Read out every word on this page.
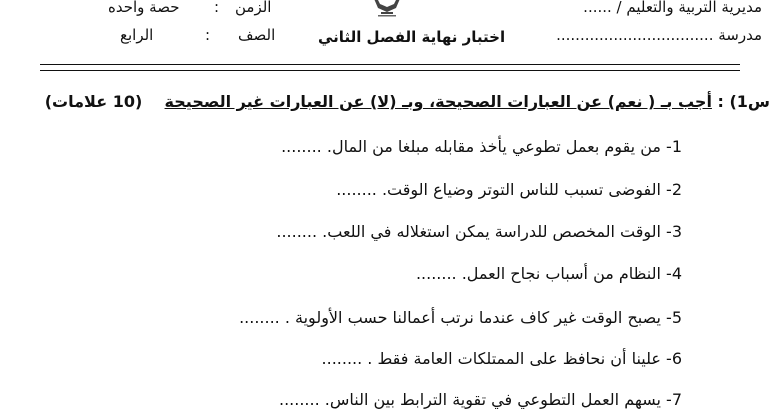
مديرية التربية والتعليم / ......
مدرسة .................................
اختبار نهاية الفصل الثاني
الزمن
:
حصة واحده
الصف
:
الرابع
س1) : أجب بـ ( نعم) عن العبارات الصحيحة، وبـ (لا) عن العبارات غير الصحيحة    (10 علامات)
1- من يقوم بعمل تطوعي يأخذ مقابله مبلغا من المال. ........
2- الفوضى تسبب للناس التوتر وضياع الوقت. ........
3- الوقت المخصص للدراسة يمكن استغلاله في اللعب. ........
4- النظام من أسباب نجاح العمل. ........
5- يصبح الوقت غير كاف عندما نرتب أعمالنا حسب الأولوية . ........
6- علينا أن نحافظ على الممتلكات العامة فقط . ........
7- يسهم العمل التطوعي في تقوية الترابط بين الناس. ........
